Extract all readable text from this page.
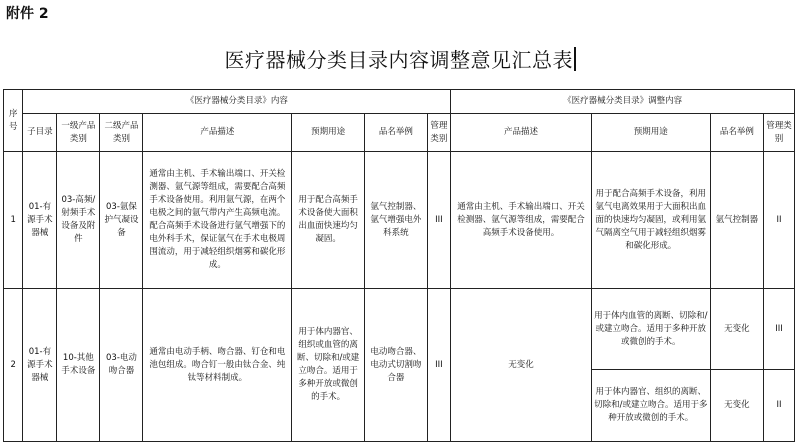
附件 2
医疗器械分类目录内容调整意见汇总表
序号	《医疗器械分类目录》内容							《医疗器械分类目录》调整内容			
	子目录	一级产品类别	二级产品类别	产品描述	预期用途	品名举例	管理类别	产品描述	预期用途	品名举例	管理类别
1	01-有源手术器械	03-高频/射频手术设备及附件	03-氩保护气凝设备	通常由主机、手术输出端口、开关检测器、氩气源等组成，需要配合高频手术设备使用。利用氩气源，在两个电极之间的氩气带内产生高频电流。配合高频手术设备进行氩气增强下的电外科手术，保证氩气在手术电极周围流动，用于减轻组织烟雾和碳化形成。	用于配合高频手术设备使大面积出血面快速均匀凝固。	氩气控制器、氩气增强电外科系统	III	通常由主机、手术输出端口、开关检测器、氩气源等组成，需要配合高频手术设备使用。	用于配合高频手术设备，利用氩气电离效果用于大面积出血面的快速均匀凝固，或利用氩气隔离空气用于减轻组织烟雾和碳化形成。	氩气控制器	II
2	01-有源手术器械	10-其他手术设备	03-电动吻合器	通常由电动手柄、吻合器、钉仓和电池包组成。吻合钉一般由钛合金、纯钛等材料制成。	用于体内器官、组织或血管的离断、切除和/或建立吻合。适用于多种开放或微创的手术。	电动吻合器、电动式切割吻合器	III	无变化	用于体内血管的离断、切除和/或建立吻合。适用于多种开放或微创的手术。	无变化	III
									用于体内器官、组织的离断、切除和/或建立吻合。适用于多种开放或微创的手术。	无变化	II
